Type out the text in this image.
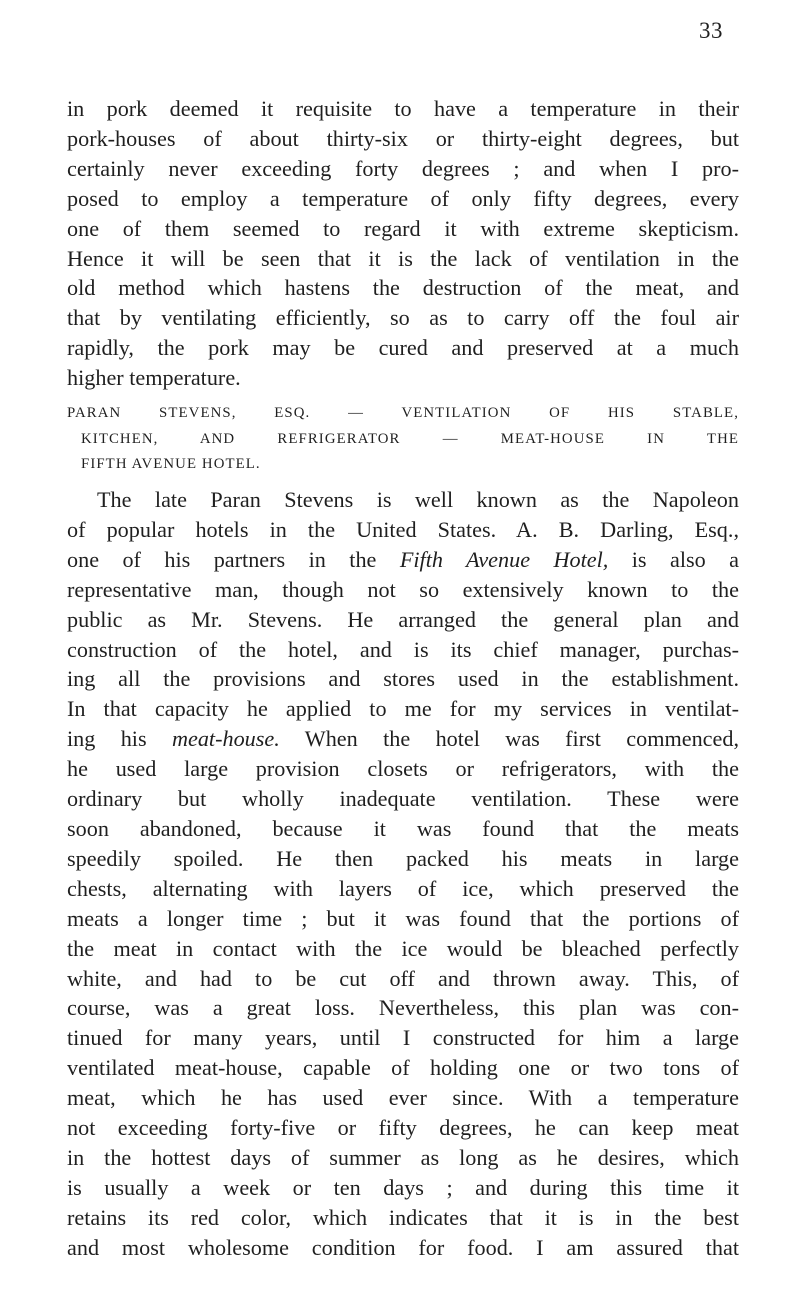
33
in pork deemed it requisite to have a temperature in their
pork-houses of about thirty-six or thirty-eight degrees, but
certainly never exceeding forty degrees ; and when I pro-
posed to employ a temperature of only fifty degrees, every
one of them seemed to regard it with extreme skepticism.
Hence it will be seen that it is the lack of ventilation in the
old method which hastens the destruction of the meat, and
that by ventilating efficiently, so as to carry off the foul air
rapidly, the pork may be cured and preserved at a much
higher temperature.
PARAN STEVENS, ESQ. — VENTILATION OF HIS STABLE,
KITCHEN, AND REFRIGERATOR — MEAT-HOUSE IN THE
FIFTH AVENUE HOTEL.
The late Paran Stevens is well known as the Napoleon
of popular hotels in the United States. A. B. Darling, Esq.,
one of his partners in the Fifth Avenue Hotel, is also a
representative man, though not so extensively known to the
public as Mr. Stevens. He arranged the general plan and
construction of the hotel, and is its chief manager, purchas-
ing all the provisions and stores used in the establishment.
In that capacity he applied to me for my services in ventilat-
ing his meat-house. When the hotel was first commenced,
he used large provision closets or refrigerators, with the
ordinary but wholly inadequate ventilation. These were
soon abandoned, because it was found that the meats
speedily spoiled. He then packed his meats in large
chests, alternating with layers of ice, which preserved the
meats a longer time ; but it was found that the portions of
the meat in contact with the ice would be bleached perfectly
white, and had to be cut off and thrown away. This, of
course, was a great loss. Nevertheless, this plan was con-
tinued for many years, until I constructed for him a large
ventilated meat-house, capable of holding one or two tons of
meat, which he has used ever since. With a temperature
not exceeding forty-five or fifty degrees, he can keep meat
in the hottest days of summer as long as he desires, which
is usually a week or ten days ; and during this time it
retains its red color, which indicates that it is in the best
and most wholesome condition for food. I am assured that
